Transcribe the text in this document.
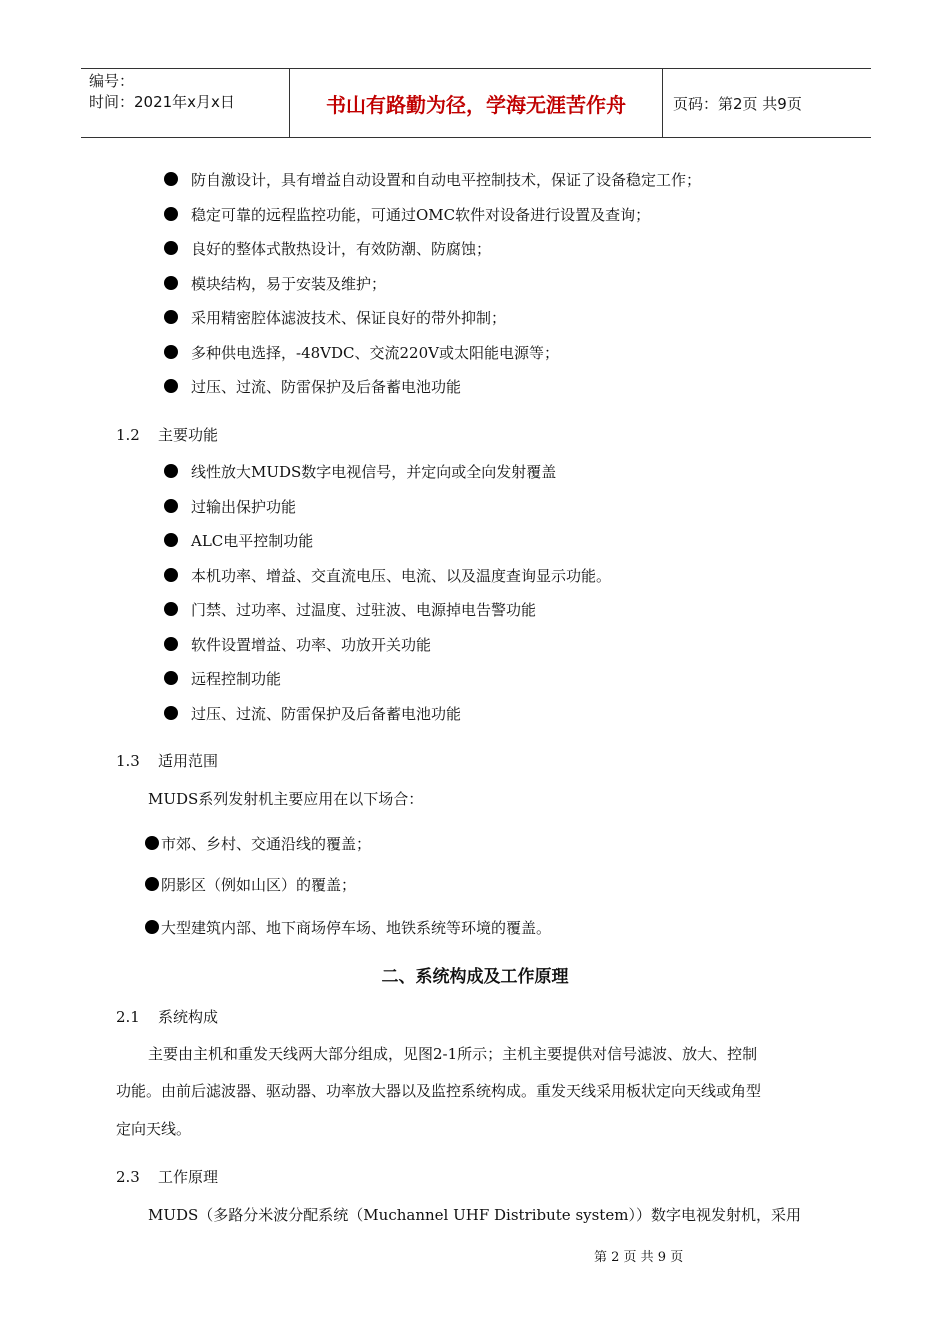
编号：
时间：2021年x月x日	书山有路勤为径，学海无涯苦作舟	页码：第2页 共9页
防自激设计，具有增益自动设置和自动电平控制技术，保证了设备稳定工作；
稳定可靠的远程监控功能，可通过OMC软件对设备进行设置及查询；
良好的整体式散热设计，有效防潮、防腐蚀；
模块结构，易于安装及维护；
采用精密腔体滤波技术、保证良好的带外抑制；
多种供电选择，-48VDC、交流220V或太阳能电源等；
过压、过流、防雷保护及后备蓄电池功能
1.2 主要功能
线性放大MUDS数字电视信号，并定向或全向发射覆盖
过输出保护功能
ALC电平控制功能
本机功率、增益、交直流电压、电流、以及温度查询显示功能。
门禁、过功率、过温度、过驻波、电源掉电告警功能
软件设置增益、功率、功放开关功能
远程控制功能
过压、过流、防雷保护及后备蓄电池功能
1.3 适用范围
MUDS系列发射机主要应用在以下场合：
市郊、乡村、交通沿线的覆盖；
阴影区（例如山区）的覆盖；
大型建筑内部、地下商场停车场、地铁系统等环境的覆盖。
二、系统构成及工作原理
2.1 系统构成
主要由主机和重发天线两大部分组成，见图2-1所示；主机主要提供对信号滤波、放大、控制
功能。由前后滤波器、驱动器、功率放大器以及监控系统构成。重发天线采用板状定向天线或角型
定向天线。
2.3 工作原理
MUDS（多路分米波分配系统（Muchannel UHF Distribute system））数字电视发射机，采用
第 2 页 共 9 页
